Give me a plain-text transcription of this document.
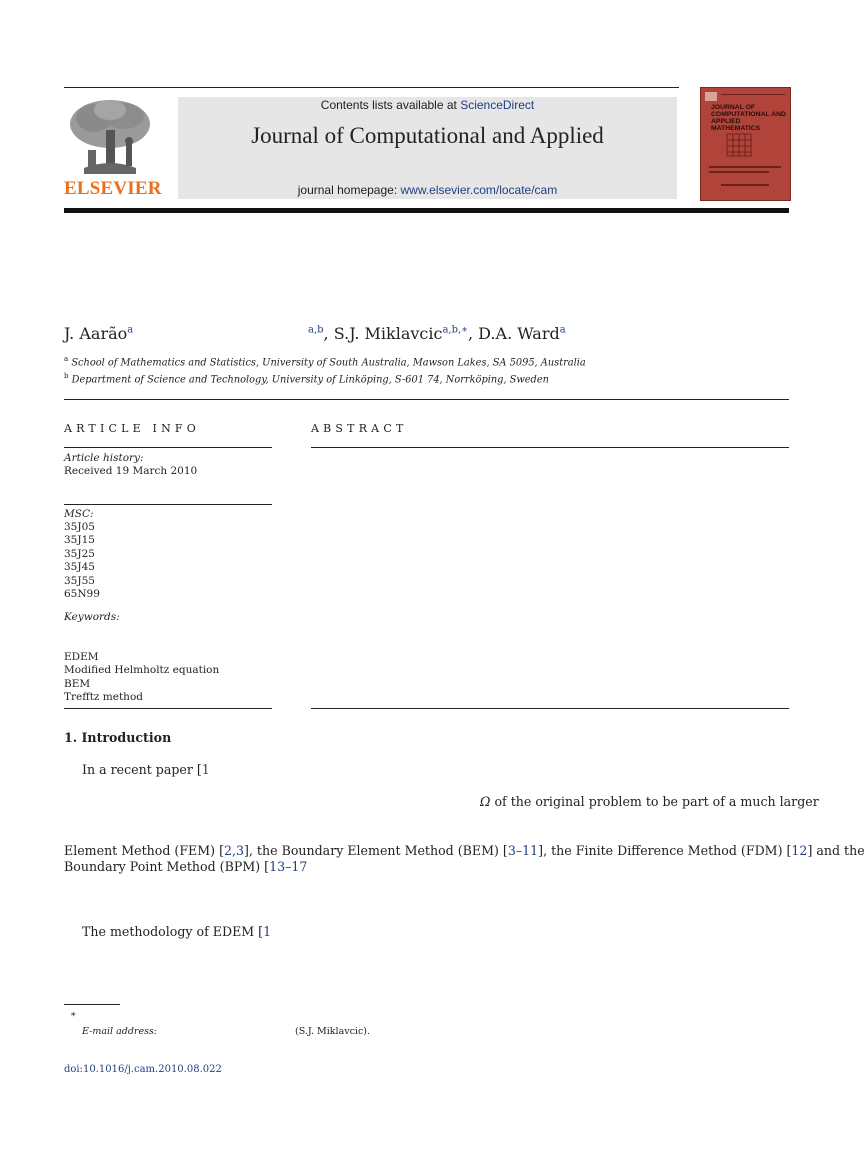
ELSEVIER
Contents lists available at ScienceDirect
Journal of Computational and Applied
journal homepage: www.elsevier.com/locate/cam
JOURNAL OF COMPUTATIONAL AND APPLIED MATHEMATICS
J. Aarão$^a$	$^{a,b}$, S.J. Miklavcic$^{a,b,∗}$, D.A. Ward$^a$
$^a$ School of Mathematics and Statistics, University of South Australia, Mawson Lakes, SA 5095, Australia
$^b$ Department of Science and Technology, University of Linköping, S-601 74, Norrköping, Sweden
ARTICLE INFO
Article history:
Received 19 March 2010
MSC:
35J05
35J15
35J25
35J45
35J55
65N99
Keywords:
EDEM
Modified Helmholtz equation
BEM
Trefftz method
ABSTRACT
1. Introduction
In a recent paper [1
Ω of the original problem to be part of a much larger
Element Method (FEM) [2,3], the Boundary Element Method (BEM) [3–11], the Finite Difference Method (FDM) [12] and the
Boundary Point Method (BPM) [13–17
The methodology of EDEM [1
∗
E-mail address:	(S.J. Miklavcic).
doi:10.1016/j.cam.2010.08.022
